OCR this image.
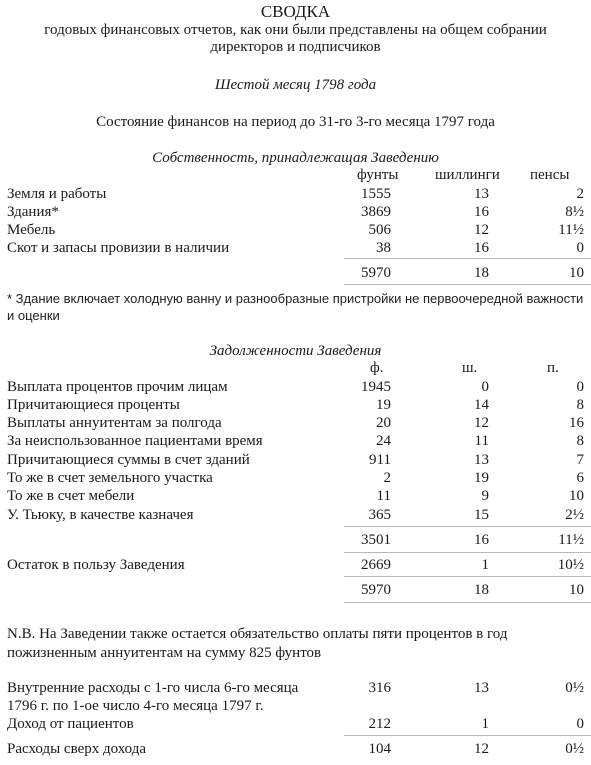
СВОДКА
годовых финансовых отчетов, как они были представлены на общем собрании
директоров и подписчиков
Шестой месяц 1798 года
Состояние финансов на период до 31-го 3-го месяца 1797 года
Собственность, принадлежащая Заведению
фунты шиллинги пенсы
Земля и работы	1555	13	2
Здания*	3869	16	8½
Мебель	506	12	11½
Скот и запасы провизии в наличии	38	16	0
5970	18	10
* Здание включает холодную ванну и разнообразные пристройки не первоочередной важности и оценки
Задолженности Заведения
ф.	ш.	п.
Выплата процентов прочим лицам	1945	0	0
Причитающиеся проценты	19	14	8
Выплаты аннуитентам за полгода	20	12	16
За неиспользованное пациентами время	24	11	8
Причитающиеся суммы в счет зданий	911	13	7
То же в счет земельного участка	2	19	6
То же в счет мебели	11	9	10
У. Тьюку, в качестве казначея	365	15	2½
3501	16	11½
Остаток в пользу Заведения	2669	1	10½
5970	18	10
N.B. На Заведении также остается обязательство оплаты пяти процентов в год пожизненным аннуитентам на сумму 825 фунтов
Внутренние расходы с 1-го числа 6-го месяца	316	13	0½
1796 г. по 1-ое число 4-го месяца 1797 г.
Доход от пациентов	212	1	0
Расходы сверх дохода	104	12	0½
